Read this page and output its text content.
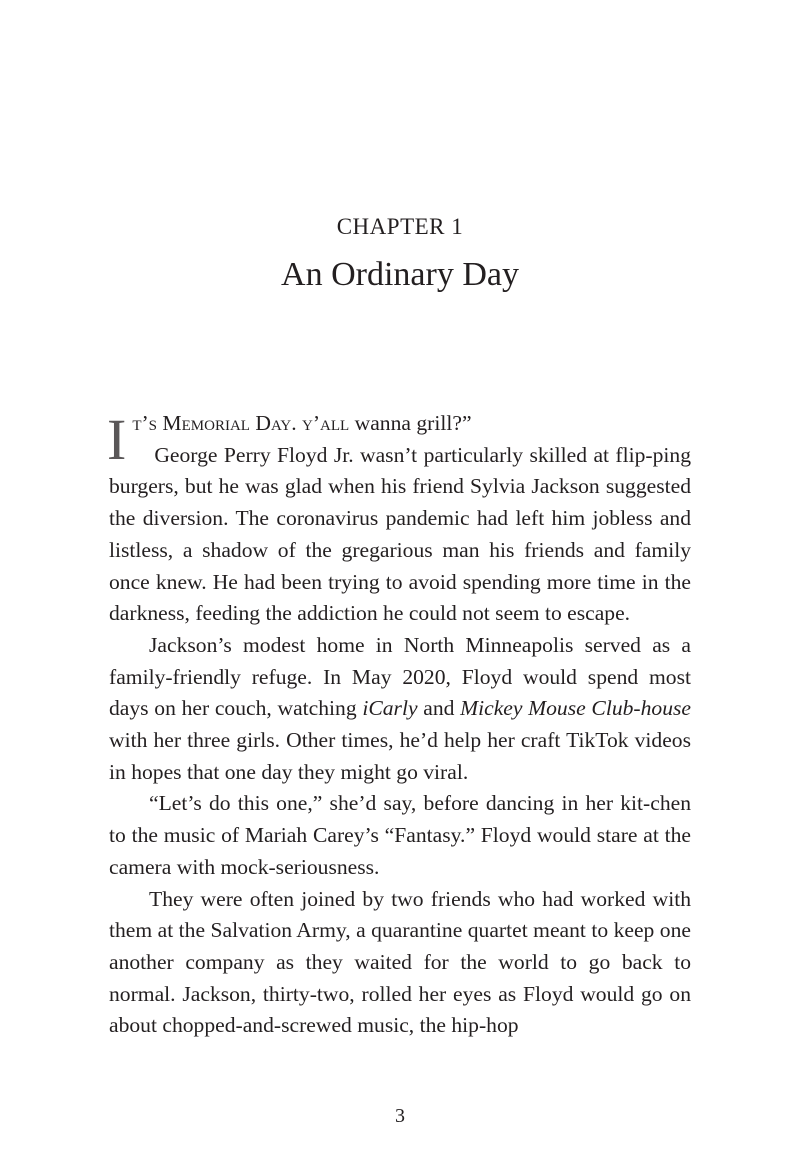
CHAPTER 1
An Ordinary Day

It’s Memorial Day. y’all wanna grill?”
George Perry Floyd Jr. wasn’t particularly skilled at flip-ping burgers, but he was glad when his friend Sylvia Jackson suggested the diversion. The coronavirus pandemic had left him jobless and listless, a shadow of the gregarious man his friends and family once knew. He had been trying to avoid spending more time in the darkness, feeding the addiction he could not seem to escape.

Jackson’s modest home in North Minneapolis served as a family-friendly refuge. In May 2020, Floyd would spend most days on her couch, watching iCarly and Mickey Mouse Club-house with her three girls. Other times, he’d help her craft TikTok videos in hopes that one day they might go viral.

“Let’s do this one,” she’d say, before dancing in her kit-chen to the music of Mariah Carey’s “Fantasy.” Floyd would stare at the camera with mock-seriousness.

They were often joined by two friends who had worked with them at the Salvation Army, a quarantine quartet meant to keep one another company as they waited for the world to go back to normal. Jackson, thirty-two, rolled her eyes as Floyd would go on about chopped-and-screwed music, the hip-hop

3
